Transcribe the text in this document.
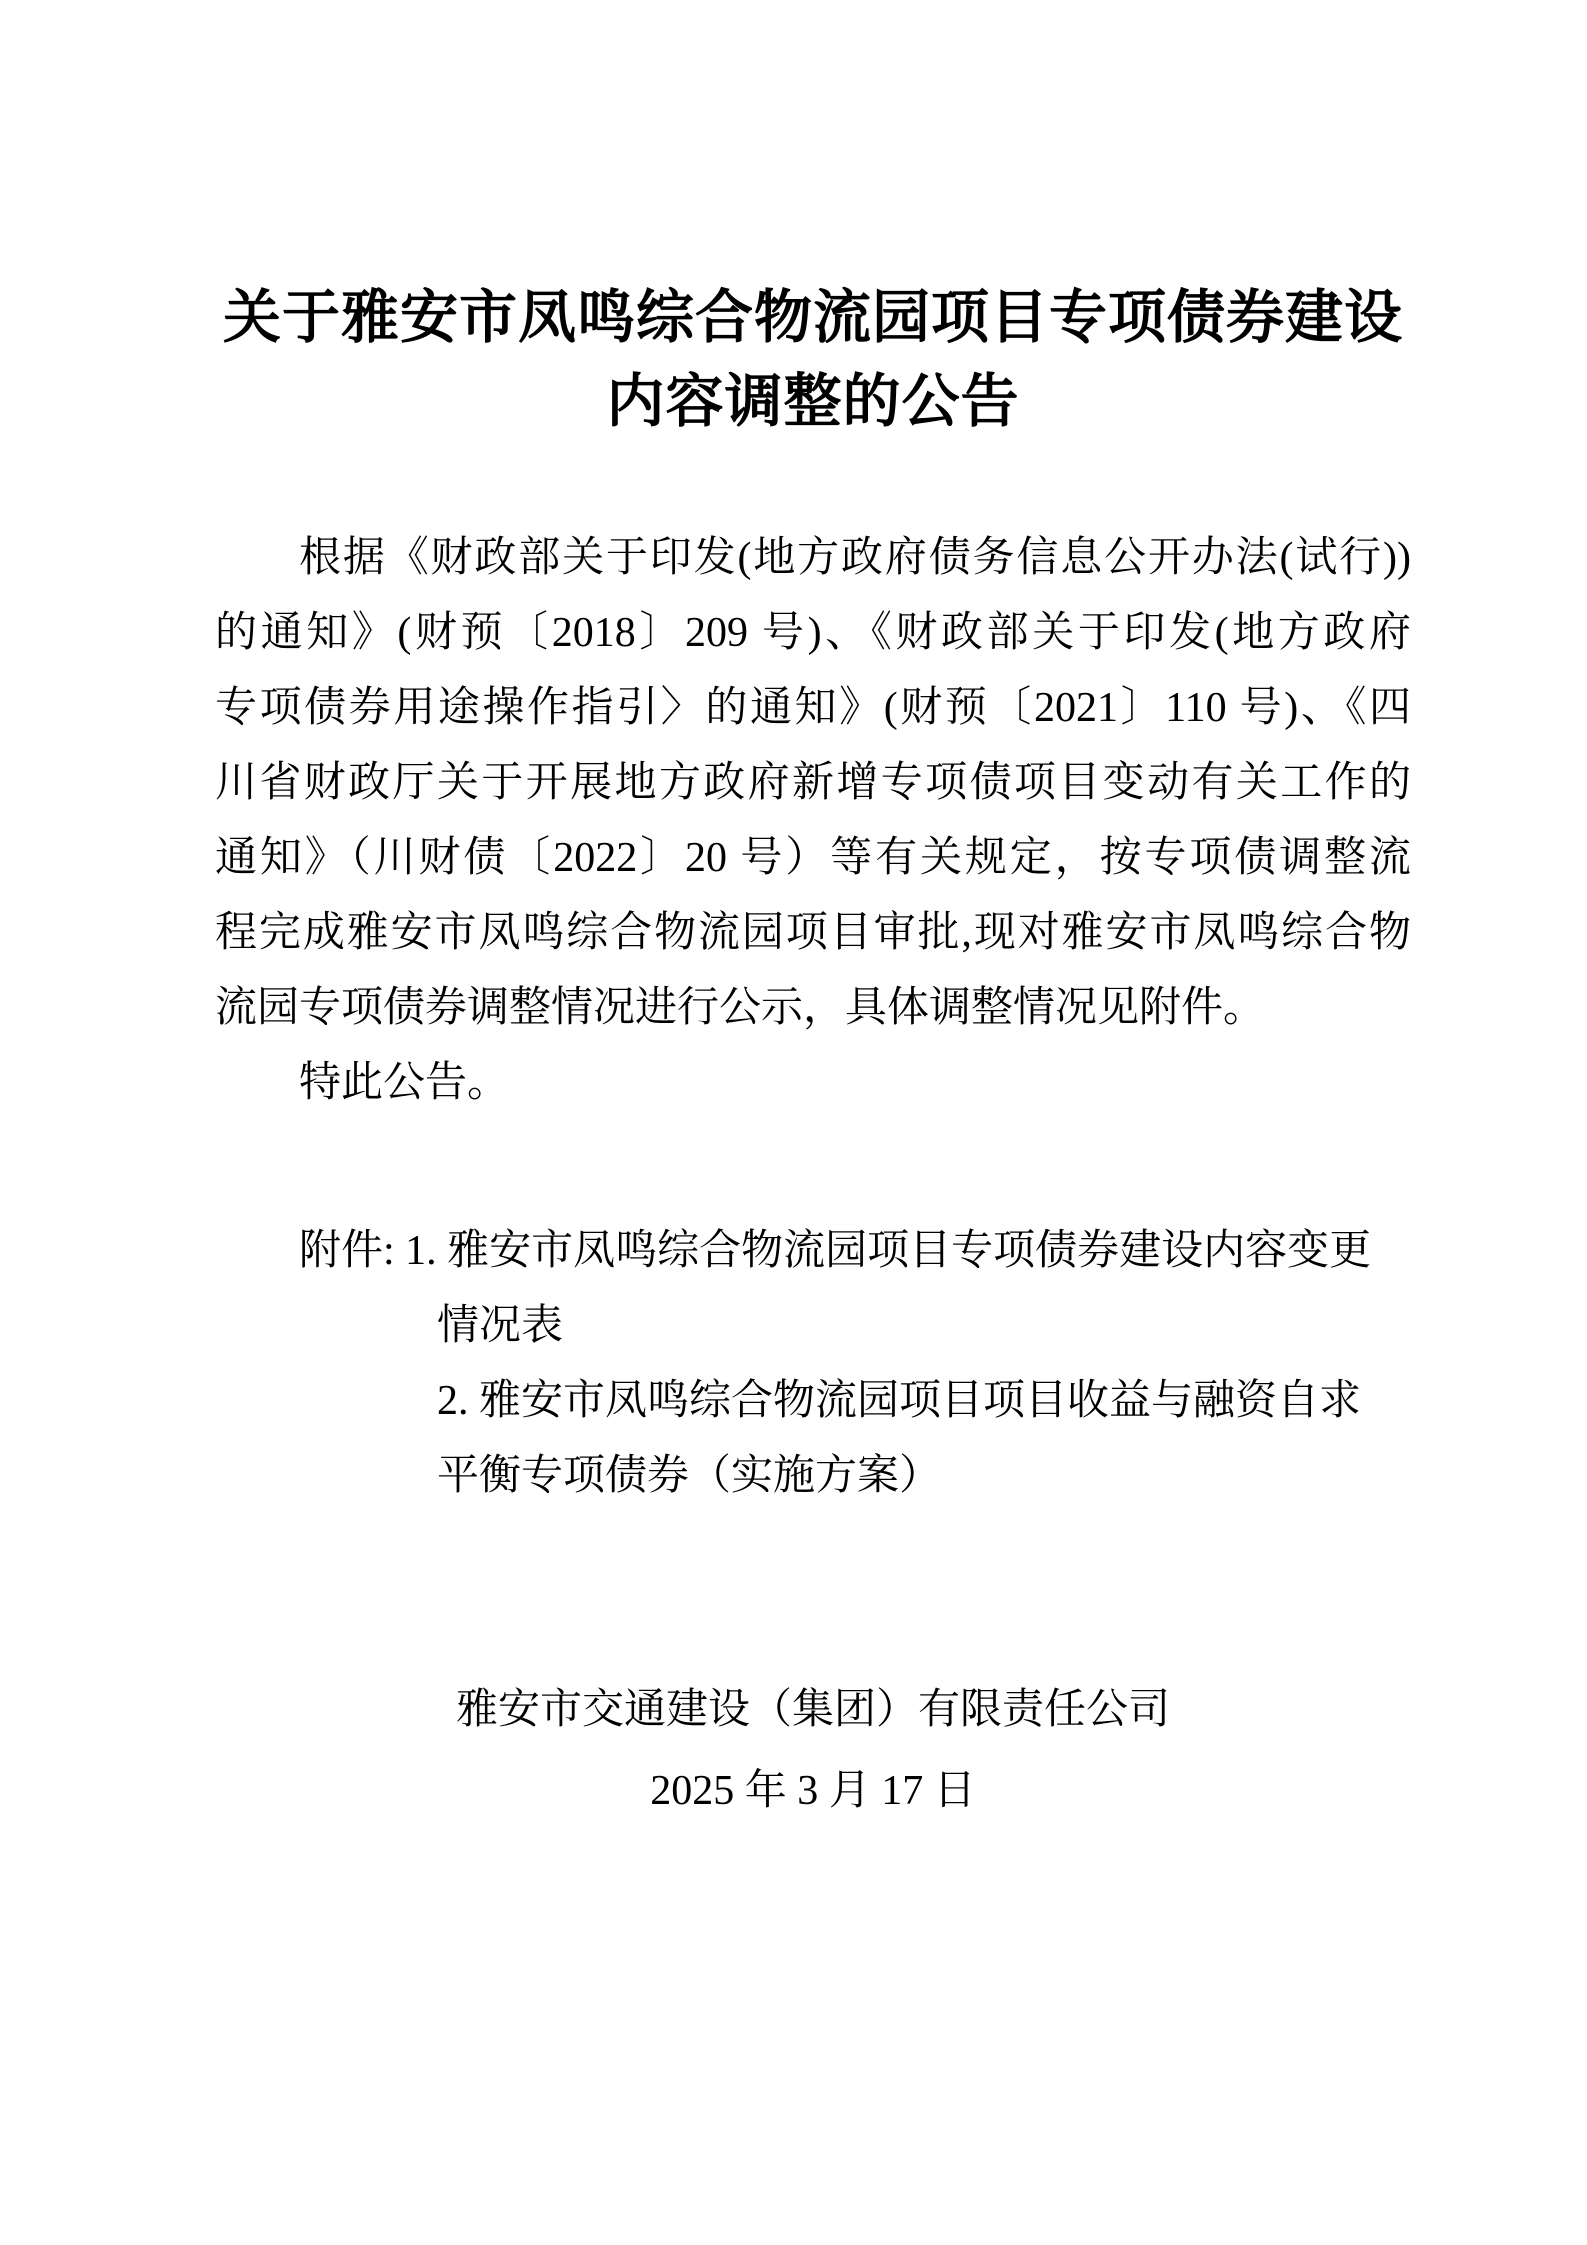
关于雅安市凤鸣综合物流园项目专项债券建设
内容调整的公告
根据《财政部关于印发(地方政府债务信息公开办法(试行))
的通知》(财预〔2018〕209 号)、《财政部关于印发(地方政府
专项债券用途操作指引〉的通知》(财预〔2021〕110 号)、《四
川省财政厅关于开展地方政府新增专项债项目变动有关工作的
通知》（川财债〔2022〕20 号）等有关规定，按专项债调整流
程完成雅安市凤鸣综合物流园项目审批,现对雅安市凤鸣综合物
流园专项债券调整情况进行公示，具体调整情况见附件。
特此公告。
附件: 1. 雅安市凤鸣综合物流园项目专项债券建设内容变更
情况表
2. 雅安市凤鸣综合物流园项目项目收益与融资自求
平衡专项债券（实施方案）
雅安市交通建设（集团）有限责任公司
2025 年 3 月 17 日
